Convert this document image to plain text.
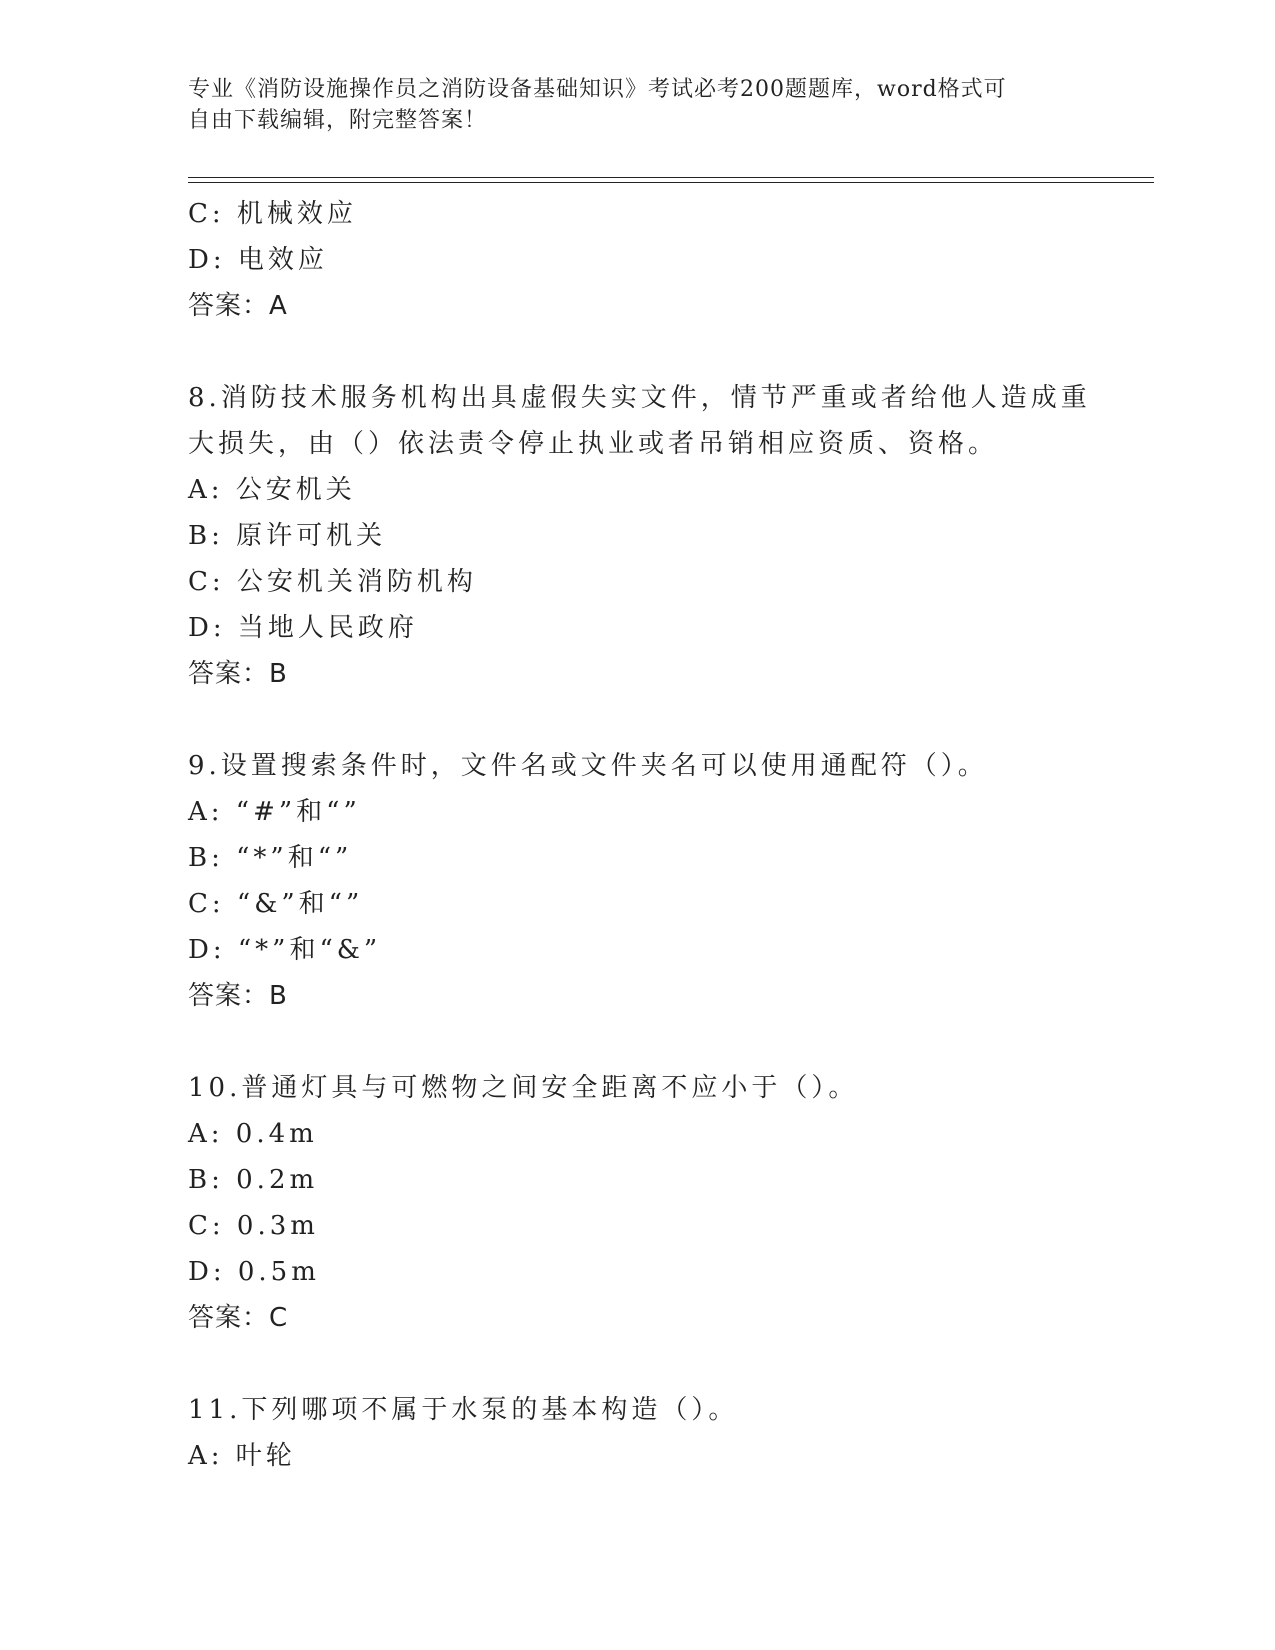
专业《消防设施操作员之消防设备基础知识》考试必考200题题库，word格式可
自由下载编辑，附完整答案！
C: 机械效应
D: 电效应
答案：A
8.消防技术服务机构出具虚假失实文件，情节严重或者给他人造成重
大损失，由（）依法责令停止执业或者吊销相应资质、资格。
A: 公安机关
B: 原许可机关
C: 公安机关消防机构
D: 当地人民政府
答案：B
9.设置搜索条件时，文件名或文件夹名可以使用通配符（）。
A: “#”和“”
B: “*”和“”
C: “&”和“”
D: “*”和“&”
答案：B
10.普通灯具与可燃物之间安全距离不应小于（）。
A: 0.4m
B: 0.2m
C: 0.3m
D: 0.5m
答案：C
11.下列哪项不属于水泵的基本构造（）。
A: 叶轮
